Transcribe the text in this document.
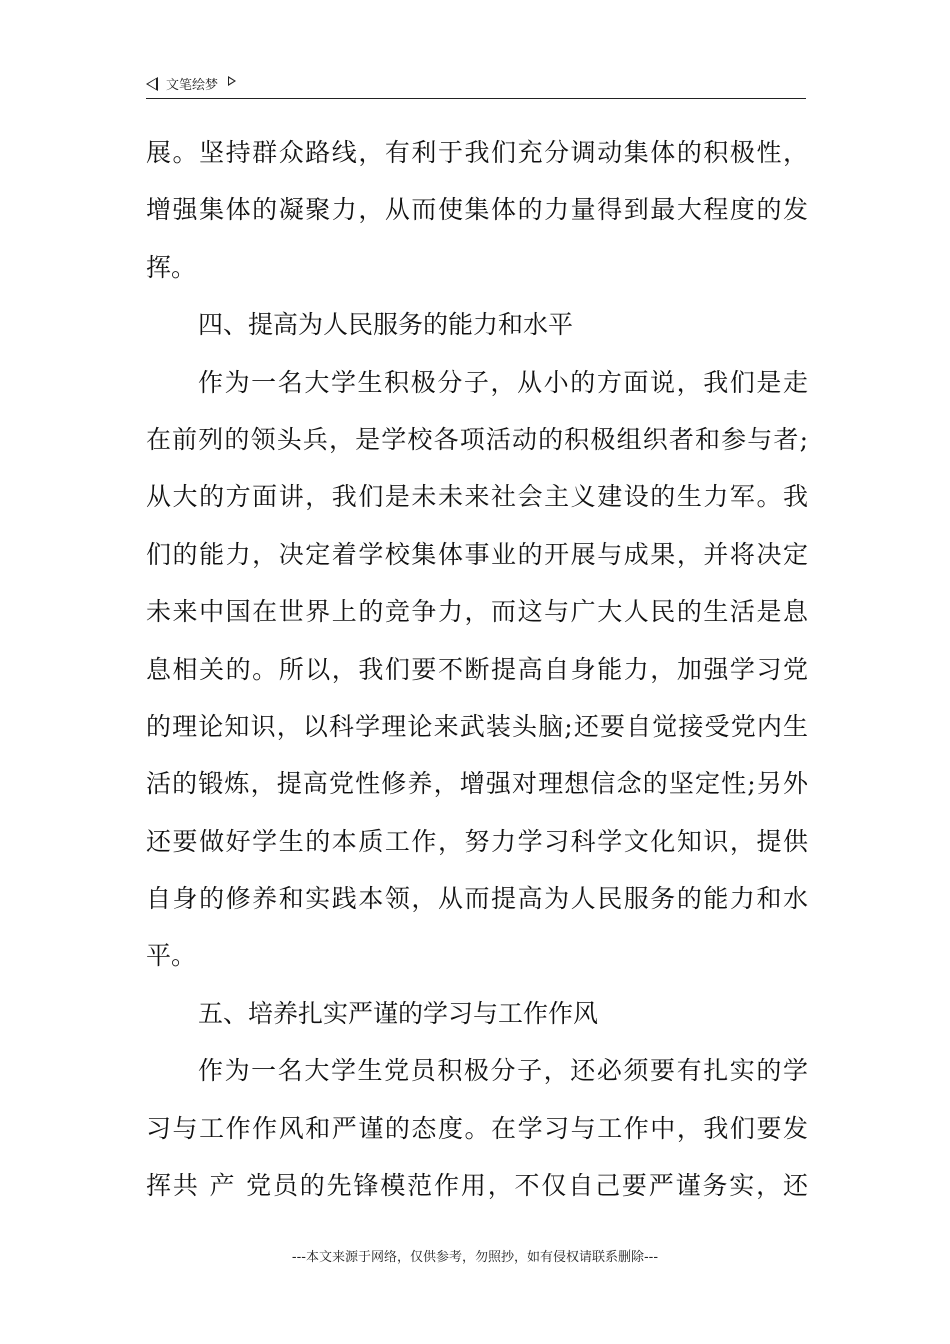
文笔绘梦
展。坚持群众路线，有利于我们充分调动集体的积极性，
增强集体的凝聚力，从而使集体的力量得到最大程度的发
挥。
四、提高为人民服务的能力和水平
作为一名大学生积极分子，从小的方面说，我们是走
在前列的领头兵，是学校各项活动的积极组织者和参与者;
从大的方面讲，我们是未未来社会主义建设的生力军。我
们的能力，决定着学校集体事业的开展与成果，并将决定
未来中国在世界上的竞争力，而这与广大人民的生活是息
息相关的。所以，我们要不断提高自身能力，加强学习党
的理论知识，以科学理论来武装头脑;还要自觉接受党内生
活的锻炼，提高党性修养，增强对理想信念的坚定性;另外
还要做好学生的本质工作，努力学习科学文化知识，提供
自身的修养和实践本领，从而提高为人民服务的能力和水
平。
五、培养扎实严谨的学习与工作作风
作为一名大学生党员积极分子，还必须要有扎实的学
习与工作作风和严谨的态度。在学习与工作中，我们要发
挥共 产 党员的先锋模范作用，不仅自己要严谨务实，还
---本文来源于网络，仅供参考，勿照抄，如有侵权请联系删除---
